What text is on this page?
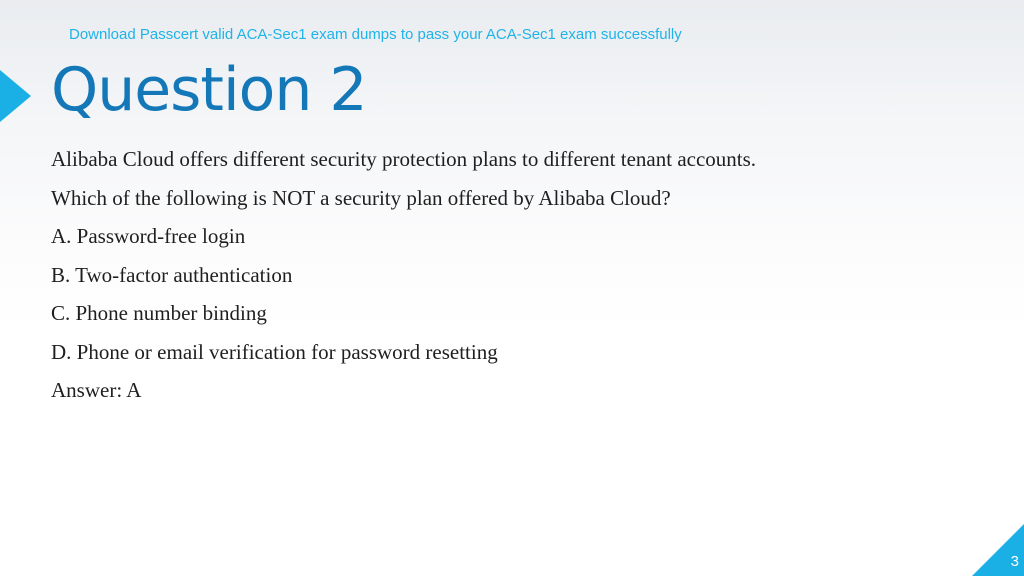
Download Passcert valid ACA-Sec1 exam dumps to pass your ACA-Sec1 exam successfully

Question 2
Alibaba Cloud offers different security protection plans to different tenant accounts.
Which of the following is NOT a security plan offered by Alibaba Cloud?
A. Password-free login
B. Two-factor authentication
C. Phone number binding
D. Phone or email verification for password resetting
Answer: A
3
